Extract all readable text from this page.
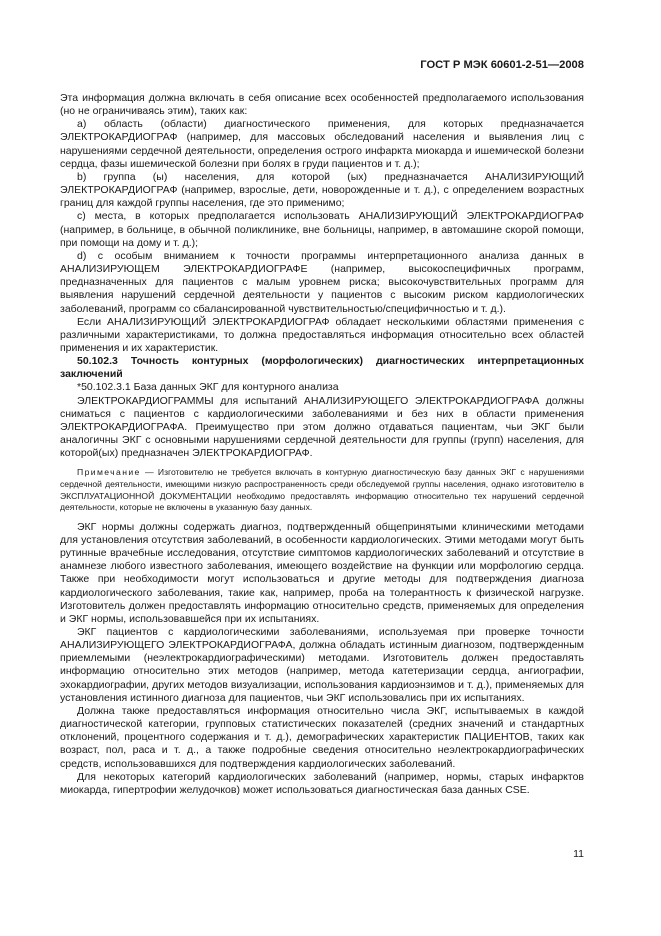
ГОСТ Р МЭК 60601-2-51—2008

Эта информация должна включать в себя описание всех особенностей предполагаемого использования (но не ограничиваясь этим), таких как:

a) область (области) диагностического применения, для которых предназначается ЭЛЕКТРОКАРДИОГРАФ (например, для массовых обследований населения и выявления лиц с нарушениями сердечной деятельности, определения острого инфаркта миокарда и ишемической болезни сердца, фазы ишемической болезни при болях в груди пациентов и т. д.);

b) группа (ы) населения, для которой (ых) предназначается АНАЛИЗИРУЮЩИЙ ЭЛЕКТРОКАРДИОГРАФ (например, взрослые, дети, новорожденные и т. д.), с определением возрастных границ для каждой группы населения, где это применимо;

c) места, в которых предполагается использовать АНАЛИЗИРУЮЩИЙ ЭЛЕКТРОКАРДИОГРАФ (например, в больнице, в обычной поликлинике, вне больницы, например, в автомашине скорой помощи, при помощи на дому и т. д.);

d) с особым вниманием к точности программы интерпретационного анализа данных в АНАЛИЗИРУЮЩЕМ ЭЛЕКТРОКАРДИОГРАФЕ (например, высокоспецифичных программ, предназначенных для пациентов с малым уровнем риска; высокочувствительных программ для выявления нарушений сердечной деятельности у пациентов с высоким риском кардиологических заболеваний, программ со сбалансированной чувствительностью/специфичностью и т. д.).

Если АНАЛИЗИРУЮЩИЙ ЭЛЕКТРОКАРДИОГРАФ обладает несколькими областями применения с различными характеристиками, то должна предоставляться информация относительно всех областей применения и их характеристик.

50.102.3 Точность контурных (морфологических) диагностических интерпретационных заключений

*50.102.3.1 База данных ЭКГ для контурного анализа

ЭЛЕКТРОКАРДИОГРАММЫ для испытаний АНАЛИЗИРУЮЩЕГО ЭЛЕКТРОКАРДИОГРАФА должны сниматься с пациентов с кардиологическими заболеваниями и без них в области применения ЭЛЕКТРОКАРДИОГРАФА. Преимущество при этом должно отдаваться пациентам, чьи ЭКГ были аналогичны ЭКГ с основными нарушениями сердечной деятельности для группы (групп) населения, для которой(ых) предназначен ЭЛЕКТРОКАРДИОГРАФ.

Примечание — Изготовителю не требуется включать в контурную диагностическую базу данных ЭКГ с нарушениями сердечной деятельности, имеющими низкую распространенность среди обследуемой группы населения, однако изготовителю в ЭКСПЛУАТАЦИОННОЙ ДОКУМЕНТАЦИИ необходимо предоставлять информацию относительно тех нарушений сердечной деятельности, которые не включены в указанную базу данных.

ЭКГ нормы должны содержать диагноз, подтвержденный общепринятыми клиническими методами для установления отсутствия заболеваний, в особенности кардиологических. Этими методами могут быть рутинные врачебные исследования, отсутствие симптомов кардиологических заболеваний и отсутствие в анамнезе любого известного заболевания, имеющего воздействие на функции или морфологию сердца. Также при необходимости могут использоваться и другие методы для подтверждения диагноза кардиологического заболевания, такие как, например, проба на толерантность к физической нагрузке. Изготовитель должен предоставлять информацию относительно средств, применяемых для определения и ЭКГ нормы, использовавшейся при их испытаниях.

ЭКГ пациентов с кардиологическими заболеваниями, используемая при проверке точности АНАЛИЗИРУЮЩЕГО ЭЛЕКТРОКАРДИОГРАФА, должна обладать истинным диагнозом, подтвержденным приемлемыми (неэлектрокардиографическими) методами. Изготовитель должен предоставлять информацию относительно этих методов (например, метода катетеризации сердца, ангиографии, эхокардиографии, других методов визуализации, использования кардиоэнзимов и т. д.), применяемых для установления истинного диагноза для пациентов, чьи ЭКГ использовались при их испытаниях.

Должна также предоставляться информация относительно числа ЭКГ, испытываемых в каждой диагностической категории, групповых статистических показателей (средних значений и стандартных отклонений, процентного содержания и т. д.), демографических характеристик ПАЦИЕНТОВ, таких как возраст, пол, раса и т. д., а также подробные сведения относительно неэлектрокардиографических средств, использовавшихся для подтверждения кардиологических заболеваний.

Для некоторых категорий кардиологических заболеваний (например, нормы, старых инфарктов миокарда, гипертрофии желудочков) может использоваться диагностическая база данных CSE.

11
